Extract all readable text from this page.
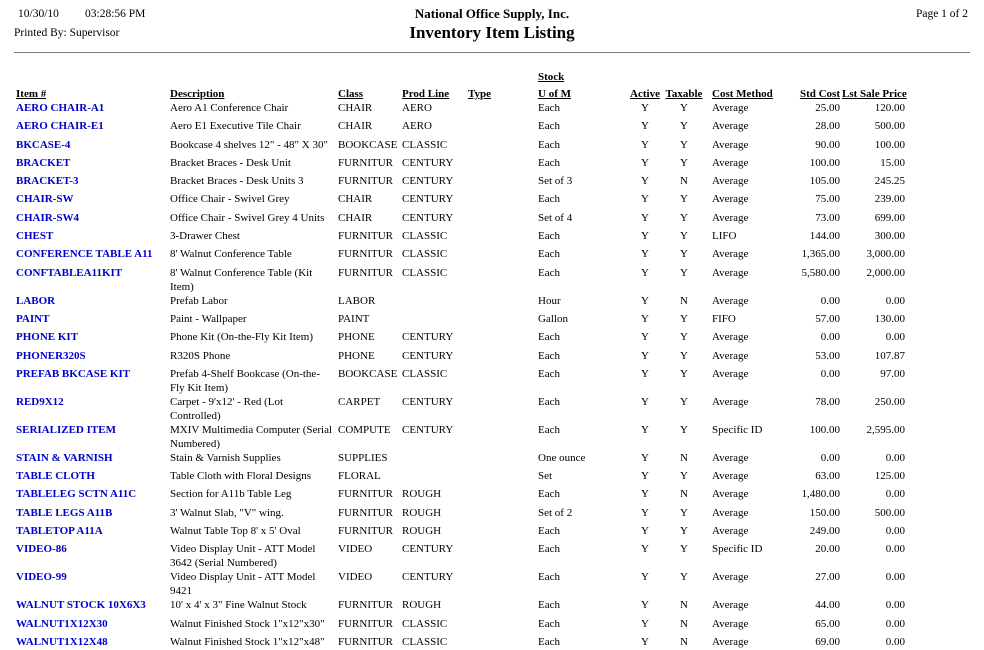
10/30/10 03:28:56 PM	National Office Supply, Inc.	Page 1 of 2
Printed By: Supervisor	Inventory Item Listing
					Stock						
Item #	Description	Class	Prod Line	Type	U of M	Active	Taxable	Cost Method	Std Cost	Lst Sale Price	
AERO CHAIR-A1	Aero A1 Conference Chair	CHAIR	AERO		Each	Y	Y	Average	25.00	120.00	
AERO CHAIR-E1	Aero E1 Executive Tile Chair	CHAIR	AERO		Each	Y	Y	Average	28.00	500.00	
BKCASE-4	Bookcase 4 shelves 12" - 48" X 30"	BOOKCASE	CLASSIC		Each	Y	Y	Average	90.00	100.00	
BRACKET	Bracket Braces - Desk Unit	FURNITUR	CENTURY		Each	Y	Y	Average	100.00	15.00	
BRACKET-3	Bracket Braces - Desk Units 3	FURNITUR	CENTURY		Set of 3	Y	N	Average	105.00	245.25	
CHAIR-SW	Office Chair - Swivel Grey	CHAIR	CENTURY		Each	Y	Y	Average	75.00	239.00	
CHAIR-SW4	Office Chair - Swivel Grey 4 Units	CHAIR	CENTURY		Set of 4	Y	Y	Average	73.00	699.00	
CHEST	3-Drawer Chest	FURNITUR	CLASSIC		Each	Y	Y	LIFO	144.00	300.00	
CONFERENCE TABLE A11	8' Walnut Conference Table	FURNITUR	CLASSIC		Each	Y	Y	Average	1,365.00	3,000.00	
CONFTABLEA11KIT	8' Walnut Conference Table (Kit Item)	FURNITUR	CLASSIC		Each	Y	Y	Average	5,580.00	2,000.00	
LABOR	Prefab Labor	LABOR			Hour	Y	N	Average	0.00	0.00	
PAINT	Paint - Wallpaper	PAINT			Gallon	Y	Y	FIFO	57.00	130.00	
PHONE KIT	Phone Kit (On-the-Fly Kit Item)	PHONE	CENTURY		Each	Y	Y	Average	0.00	0.00	
PHONER320S	R320S Phone	PHONE	CENTURY		Each	Y	Y	Average	53.00	107.87	
PREFAB BKCASE KIT	Prefab 4-Shelf Bookcase (On-the-Fly Kit Item)	BOOKCASE	CLASSIC		Each	Y	Y	Average	0.00	97.00	
RED9X12	Carpet - 9'x12' - Red (Lot Controlled)	CARPET	CENTURY		Each	Y	Y	Average	78.00	250.00	
SERIALIZED ITEM	MXIV Multimedia Computer (Serial Numbered)	COMPUTE	CENTURY		Each	Y	Y	Specific ID	100.00	2,595.00	
STAIN & VARNISH	Stain & Varnish Supplies	SUPPLIES			One ounce	Y	N	Average	0.00	0.00	
TABLE CLOTH	Table Cloth with Floral Designs	FLORAL			Set	Y	Y	Average	63.00	125.00	
TABLELEG SCTN A11C	Section for A11b Table Leg	FURNITUR	ROUGH		Each	Y	N	Average	1,480.00	0.00	
TABLE LEGS A11B	3' Walnut Slab, "V" wing.	FURNITUR	ROUGH		Set of 2	Y	Y	Average	150.00	500.00	
TABLETOP A11A	Walnut Table Top 8' x 5' Oval	FURNITUR	ROUGH		Each	Y	Y	Average	249.00	0.00	
VIDEO-86	Video Display Unit - ATT Model 3642 (Serial Numbered)	VIDEO	CENTURY		Each	Y	Y	Specific ID	20.00	0.00	
VIDEO-99	Video Display Unit - ATT Model 9421	VIDEO	CENTURY		Each	Y	Y	Average	27.00	0.00	
WALNUT STOCK 10X6X3	10' x 4' x 3" Fine Walnut Stock	FURNITUR	ROUGH		Each	Y	N	Average	44.00	0.00	
WALNUT1X12X30	Walnut Finished Stock 1"x12"x30"	FURNITUR	CLASSIC		Each	Y	N	Average	65.00	0.00	
WALNUT1X12X48	Walnut Finished Stock 1"x12"x48"	FURNITUR	CLASSIC		Each	Y	N	Average	69.00	0.00	
